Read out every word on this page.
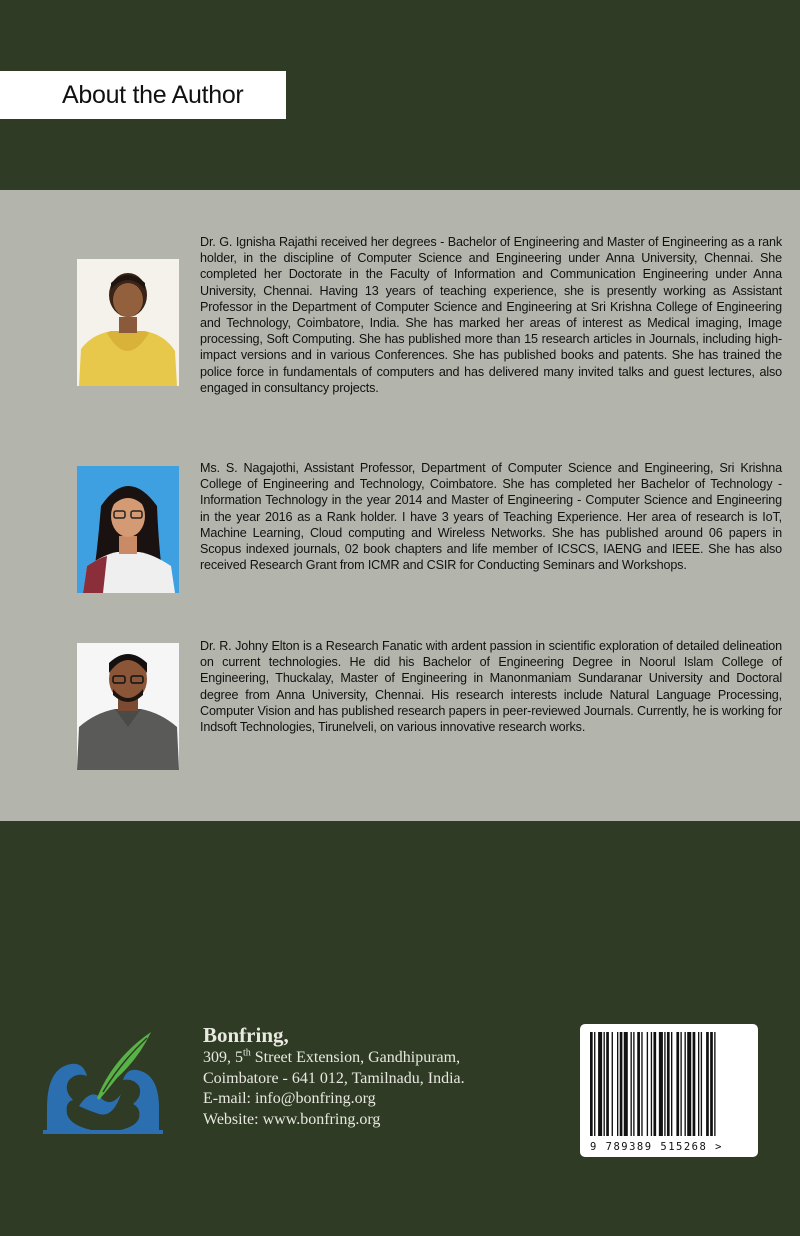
About the Author
Dr. G. Ignisha Rajathi received her degrees - Bachelor of Engineering and Master of Engineering as a rank holder, in the discipline of Computer Science and Engineering under Anna University, Chennai. She completed her Doctorate in the Faculty of Information and Communication Engineering under Anna University, Chennai. Having 13 years of teaching experience, she is presently working as Assistant Professor in the Department of Computer Science and Engineering at Sri Krishna College of Engineering and Technology, Coimbatore, India. She has marked her areas of interest as Medical imaging, Image processing, Soft Computing. She has published more than 15 research articles in Journals, including high-impact versions and in various Conferences. She has published books and patents. She has trained the police force in fundamentals of computers and has delivered many invited talks and guest lectures, also engaged in consultancy projects.
Ms. S. Nagajothi, Assistant Professor, Department of Computer Science and Engineering, Sri Krishna College of Engineering and Technology, Coimbatore. She has completed her Bachelor of Technology - Information Technology in the year 2014 and Master of Engineering - Computer Science and Engineering in the year 2016 as a Rank holder. I have 3 years of Teaching Experience. Her area of research is IoT, Machine Learning, Cloud computing and Wireless Networks. She has published around 06 papers in Scopus indexed journals, 02 book chapters and life member of ICSCS, IAENG and IEEE. She has also received Research Grant from ICMR and CSIR for Conducting Seminars and Workshops.
Dr. R. Johny Elton is a Research Fanatic with ardent passion in scientific exploration of detailed delineation on current technologies. He did his Bachelor of Engineering Degree in Noorul Islam College of Engineering, Thuckalay, Master of Engineering in Manonmaniam Sundaranar University and Doctoral degree from Anna University, Chennai. His research interests include Natural Language Processing, Computer Vision and has published research papers in peer-reviewed Journals. Currently, he is working for Indsoft Technologies, Tirunelveli, on various innovative research works.
Bonfring,
309, 5th Street Extension, Gandhipuram,
Coimbatore - 641 012, Tamilnadu, India.
E-mail: info@bonfring.org
Website: www.bonfring.org
9 789389 515268 >
